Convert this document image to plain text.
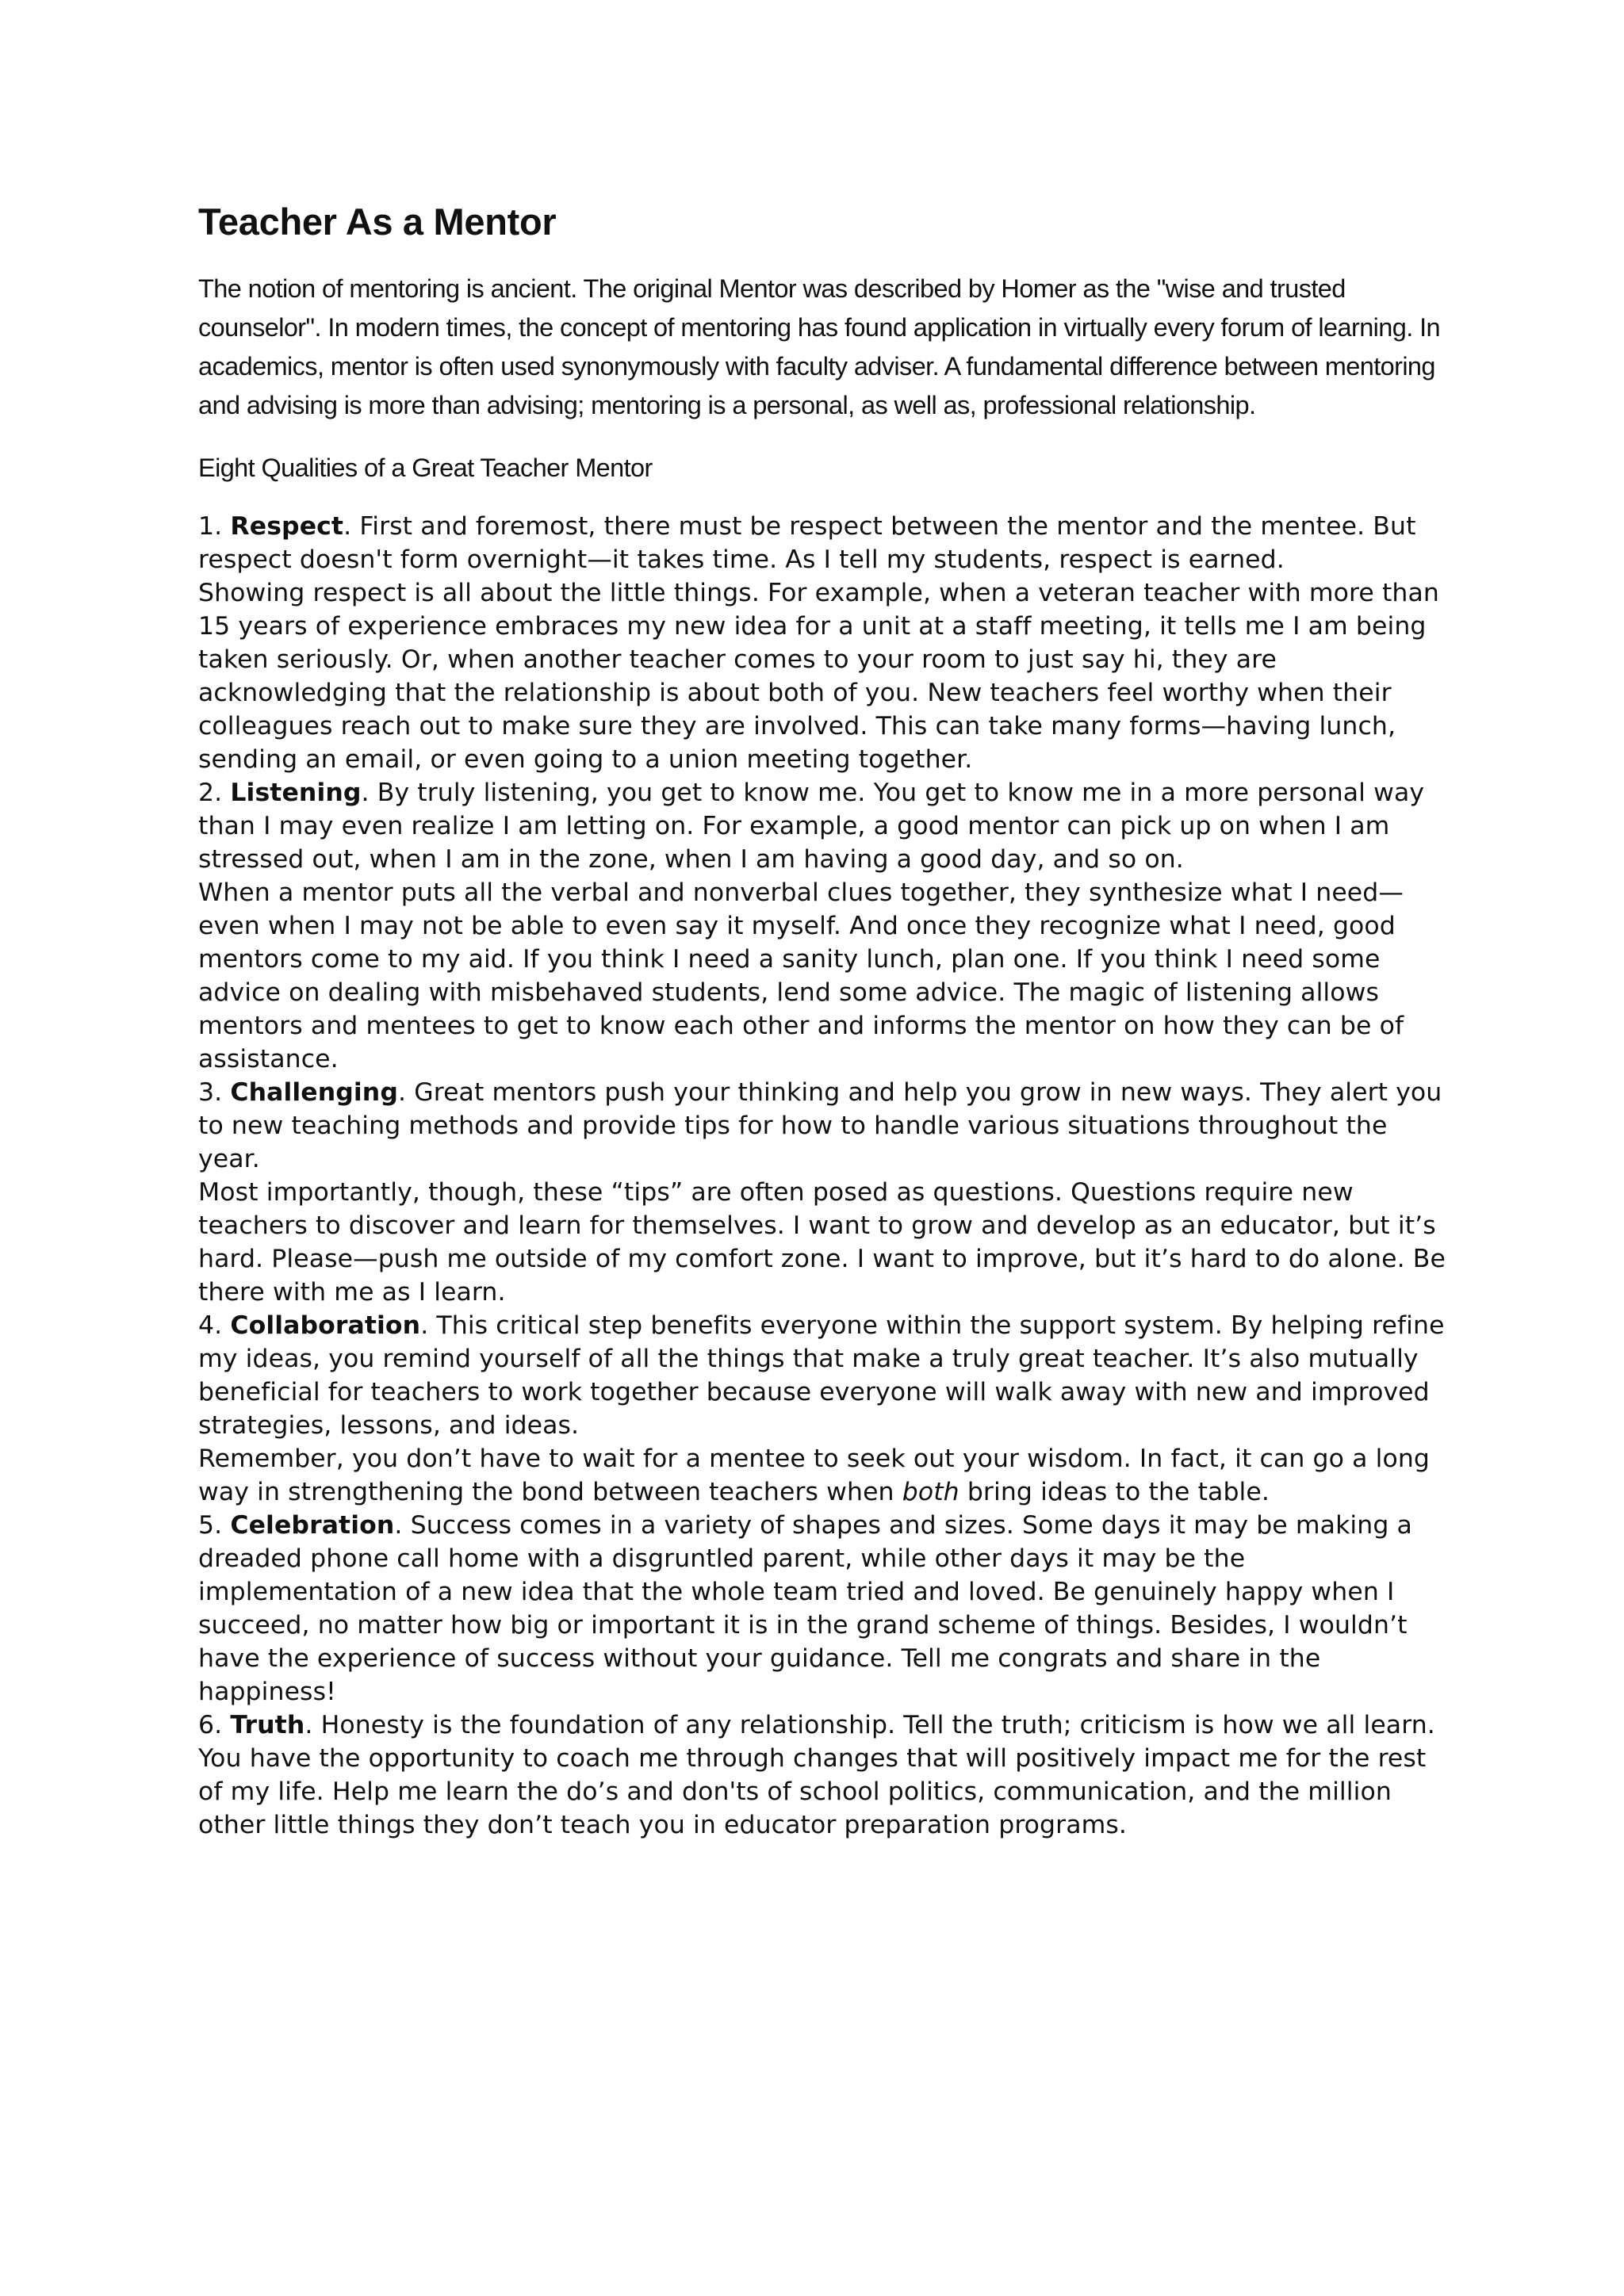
Teacher As a Mentor

The notion of mentoring is ancient. The original Mentor was described by Homer as the "wise and trusted counselor". In modern times, the concept of mentoring has found application in virtually every forum of learning. In academics, mentor is often used synonymously with faculty adviser. A fundamental difference between mentoring and advising is more than advising; mentoring is a personal, as well as, professional relationship.

Eight Qualities of a Great Teacher Mentor

1. Respect. First and foremost, there must be respect between the mentor and the mentee. But respect doesn't form overnight—it takes time. As I tell my students, respect is earned.

Showing respect is all about the little things. For example, when a veteran teacher with more than 15 years of experience embraces my new idea for a unit at a staff meeting, it tells me I am being taken seriously. Or, when another teacher comes to your room to just say hi, they are acknowledging that the relationship is about both of you. New teachers feel worthy when their colleagues reach out to make sure they are involved. This can take many forms—having lunch, sending an email, or even going to a union meeting together.

2. Listening. By truly listening, you get to know me. You get to know me in a more personal way than I may even realize I am letting on. For example, a good mentor can pick up on when I am stressed out, when I am in the zone, when I am having a good day, and so on.

When a mentor puts all the verbal and nonverbal clues together, they synthesize what I need—even when I may not be able to even say it myself. And once they recognize what I need, good mentors come to my aid. If you think I need a sanity lunch, plan one. If you think I need some advice on dealing with misbehaved students, lend some advice. The magic of listening allows mentors and mentees to get to know each other and informs the mentor on how they can be of assistance.

3. Challenging. Great mentors push your thinking and help you grow in new ways. They alert you to new teaching methods and provide tips for how to handle various situations throughout the year.

Most importantly, though, these “tips” are often posed as questions. Questions require new teachers to discover and learn for themselves. I want to grow and develop as an educator, but it’s hard. Please—push me outside of my comfort zone. I want to improve, but it’s hard to do alone. Be there with me as I learn.

4. Collaboration. This critical step benefits everyone within the support system. By helping refine my ideas, you remind yourself of all the things that make a truly great teacher. It’s also mutually beneficial for teachers to work together because everyone will walk away with new and improved strategies, lessons, and ideas.

Remember, you don’t have to wait for a mentee to seek out your wisdom. In fact, it can go a long way in strengthening the bond between teachers when both bring ideas to the table.

5. Celebration. Success comes in a variety of shapes and sizes. Some days it may be making a dreaded phone call home with a disgruntled parent, while other days it may be the implementation of a new idea that the whole team tried and loved. Be genuinely happy when I succeed, no matter how big or important it is in the grand scheme of things. Besides, I wouldn’t have the experience of success without your guidance. Tell me congrats and share in the happiness!

6. Truth. Honesty is the foundation of any relationship. Tell the truth; criticism is how we all learn. You have the opportunity to coach me through changes that will positively impact me for the rest of my life. Help me learn the do’s and don'ts of school politics, communication, and the million other little things they don’t teach you in educator preparation programs.
